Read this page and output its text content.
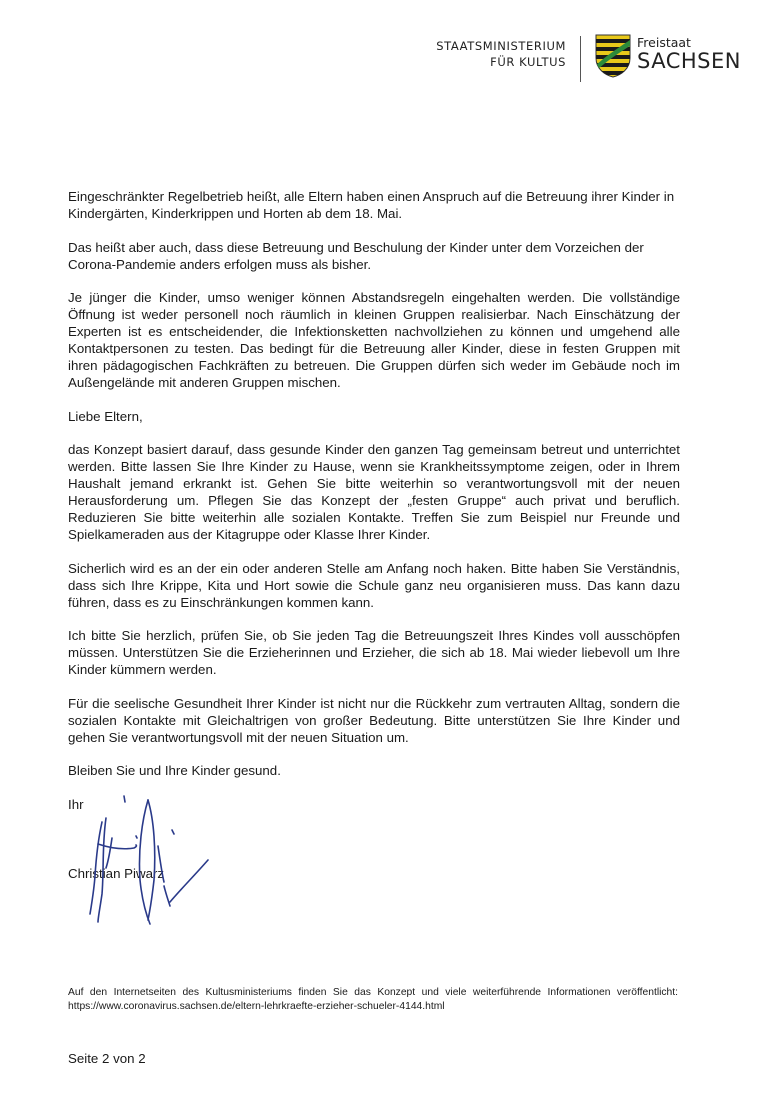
STAATSMINISTERIUM
FÜR KULTUS
Freistaat
SACHSEN

Eingeschränkter Regelbetrieb heißt, alle Eltern haben einen Anspruch auf die Betreuung ihrer Kinder in Kindergärten, Kinderkrippen und Horten ab dem 18. Mai.

Das heißt aber auch, dass diese Betreuung und Beschulung der Kinder unter dem Vorzeichen der Corona-Pandemie anders erfolgen muss als bisher.

Je jünger die Kinder, umso weniger können Abstandsregeln eingehalten werden. Die vollständige Öffnung ist weder personell noch räumlich in kleinen Gruppen realisierbar. Nach Einschätzung der Experten ist es entscheidender, die Infektionsketten nachvollziehen zu können und umgehend alle Kontaktpersonen zu testen. Das bedingt für die Betreuung aller Kinder, diese in festen Gruppen mit ihren pädagogischen Fachkräften zu betreuen. Die Gruppen dürfen sich weder im Gebäude noch im Außengelände mit anderen Gruppen mischen.

Liebe Eltern,

das Konzept basiert darauf, dass gesunde Kinder den ganzen Tag gemeinsam betreut und unterrichtet werden. Bitte lassen Sie Ihre Kinder zu Hause, wenn sie Krankheitssymptome zeigen, oder in Ihrem Haushalt jemand erkrankt ist. Gehen Sie bitte weiterhin so verantwortungsvoll mit der neuen Herausforderung um. Pflegen Sie das Konzept der „festen Gruppe“ auch privat und beruflich. Reduzieren Sie bitte weiterhin alle sozialen Kontakte. Treffen Sie zum Beispiel nur Freunde und Spielkameraden aus der Kitagruppe oder Klasse Ihrer Kinder.

Sicherlich wird es an der ein oder anderen Stelle am Anfang noch haken. Bitte haben Sie Verständnis, dass sich Ihre Krippe, Kita und Hort sowie die Schule ganz neu organisieren muss. Das kann dazu führen, dass es zu Einschränkungen kommen kann.

Ich bitte Sie herzlich, prüfen Sie, ob Sie jeden Tag die Betreuungszeit Ihres Kindes voll ausschöpfen müssen. Unterstützen Sie die Erzieherinnen und Erzieher, die sich ab 18. Mai wieder liebevoll um Ihre Kinder kümmern werden.

Für die seelische Gesundheit Ihrer Kinder ist nicht nur die Rückkehr zum vertrauten Alltag, sondern die sozialen Kontakte mit Gleichaltrigen von großer Bedeutung. Bitte unterstützen Sie Ihre Kinder und gehen Sie verantwortungsvoll mit der neuen Situation um.

Bleiben Sie und Ihre Kinder gesund.

Ihr
Christian Piwarz
Auf den Internetseiten des Kultusministeriums finden Sie das Konzept und viele weiterführende Informationen veröffentlicht: https://www.coronavirus.sachsen.de/eltern-lehrkraefte-erzieher-schueler-4144.html
Seite 2 von 2
